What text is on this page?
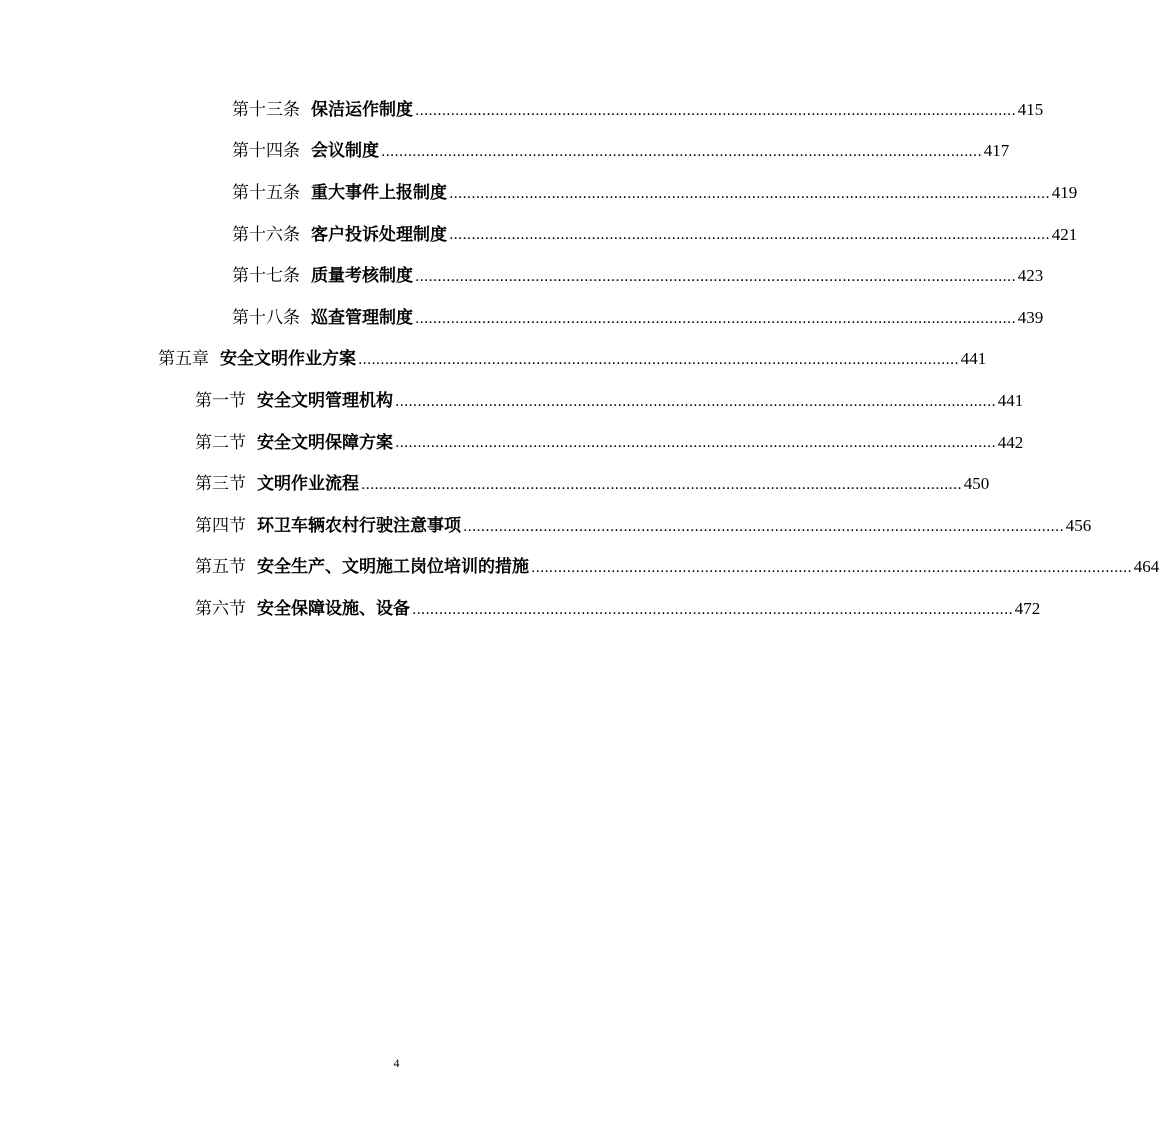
第十三条 保洁运作制度 ....................................................................................................................................... 415
第十四条 会议制度 ....................................................................................................................................... 417
第十五条 重大事件上报制度 ....................................................................................................................................... 419
第十六条 客户投诉处理制度 ....................................................................................................................................... 421
第十七条 质量考核制度 ....................................................................................................................................... 423
第十八条 巡查管理制度 ....................................................................................................................................... 439
第五章 安全文明作业方案 ....................................................................................................................................... 441
第一节 安全文明管理机构 ....................................................................................................................................... 441
第二节 安全文明保障方案 ....................................................................................................................................... 442
第三节 文明作业流程 ....................................................................................................................................... 450
第四节 环卫车辆农村行驶注意事项 ....................................................................................................................................... 456
第五节 安全生产、文明施工岗位培训的措施 ....................................................................................................................................... 464
第六节 安全保障设施、设备 ....................................................................................................................................... 472
4
